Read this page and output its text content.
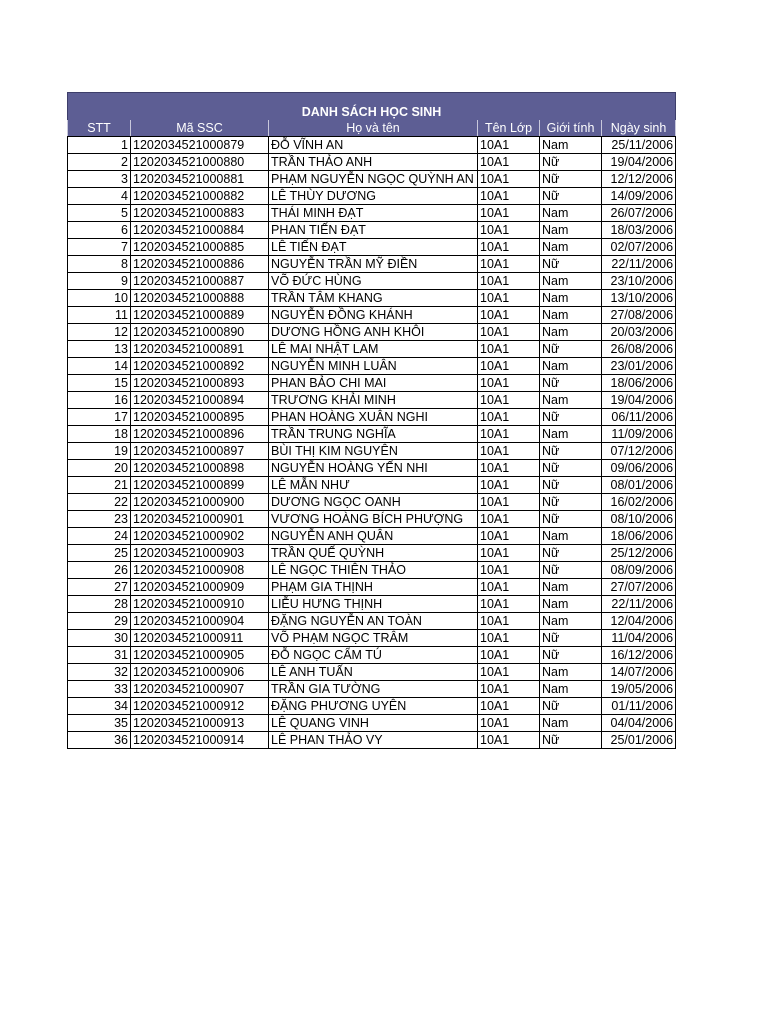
DANH SÁCH HỌC SINH					
STT	Mã SSC	Họ và tên	Tên Lớp	Giới tính	Ngày sinh
1	1202034521000879	ĐỖ VĨNH AN	10A1	Nam	25/11/2006
2	1202034521000880	TRẦN THẢO ANH	10A1	Nữ	19/04/2006
3	1202034521000881	PHẠM NGUYỄN NGỌC QUỲNH AN	10A1	Nữ	12/12/2006
4	1202034521000882	LÊ THÙY DƯƠNG	10A1	Nữ	14/09/2006
5	1202034521000883	THÁI MINH ĐẠT	10A1	Nam	26/07/2006
6	1202034521000884	PHAN TIẾN ĐẠT	10A1	Nam	18/03/2006
7	1202034521000885	LÊ TIẾN ĐẠT	10A1	Nam	02/07/2006
8	1202034521000886	NGUYỄN TRẦN MỸ ĐIỀN	10A1	Nữ	22/11/2006
9	1202034521000887	VÕ ĐỨC HÙNG	10A1	Nam	23/10/2006
10	1202034521000888	TRẦN TÂM KHANG	10A1	Nam	13/10/2006
11	1202034521000889	NGUYỄN ĐỒNG KHÁNH	10A1	Nam	27/08/2006
12	1202034521000890	DƯƠNG HỒNG ANH KHÔI	10A1	Nam	20/03/2006
13	1202034521000891	LÊ MAI NHẬT LAM	10A1	Nữ	26/08/2006
14	1202034521000892	NGUYỄN MINH LUÂN	10A1	Nam	23/01/2006
15	1202034521000893	PHAN BẢO CHI MAI	10A1	Nữ	18/06/2006
16	1202034521000894	TRƯƠNG KHẢI MINH	10A1	Nam	19/04/2006
17	1202034521000895	PHAN HOÀNG XUÂN NGHI	10A1	Nữ	06/11/2006
18	1202034521000896	TRẦN TRUNG NGHĨA	10A1	Nam	11/09/2006
19	1202034521000897	BÙI THỊ KIM NGUYÊN	10A1	Nữ	07/12/2006
20	1202034521000898	NGUYỄN HOÀNG YẾN NHI	10A1	Nữ	09/06/2006
21	1202034521000899	LÊ MẪN NHƯ	10A1	Nữ	08/01/2006
22	1202034521000900	DƯƠNG NGỌC OANH	10A1	Nữ	16/02/2006
23	1202034521000901	VƯƠNG HOÀNG BÍCH PHƯỢNG	10A1	Nữ	08/10/2006
24	1202034521000902	NGUYỄN ANH QUÂN	10A1	Nam	18/06/2006
25	1202034521000903	TRẦN QUẾ QUỲNH	10A1	Nữ	25/12/2006
26	1202034521000908	LÊ NGỌC THIÊN THẢO	10A1	Nữ	08/09/2006
27	1202034521000909	PHẠM GIA THỊNH	10A1	Nam	27/07/2006
28	1202034521000910	LIỄU HƯNG THỊNH	10A1	Nam	22/11/2006
29	1202034521000904	ĐẶNG NGUYỄN AN TOÀN	10A1	Nam	12/04/2006
30	1202034521000911	VÕ PHẠM NGỌC TRÂM	10A1	Nữ	11/04/2006
31	1202034521000905	ĐỖ NGỌC CẨM TÚ	10A1	Nữ	16/12/2006
32	1202034521000906	LÊ ANH TUẤN	10A1	Nam	14/07/2006
33	1202034521000907	TRẦN GIA TƯỜNG	10A1	Nam	19/05/2006
34	1202034521000912	ĐẶNG PHƯƠNG UYÊN	10A1	Nữ	01/11/2006
35	1202034521000913	LÊ QUANG VINH	10A1	Nam	04/04/2006
36	1202034521000914	LÊ PHAN THẢO VY	10A1	Nữ	25/01/2006
